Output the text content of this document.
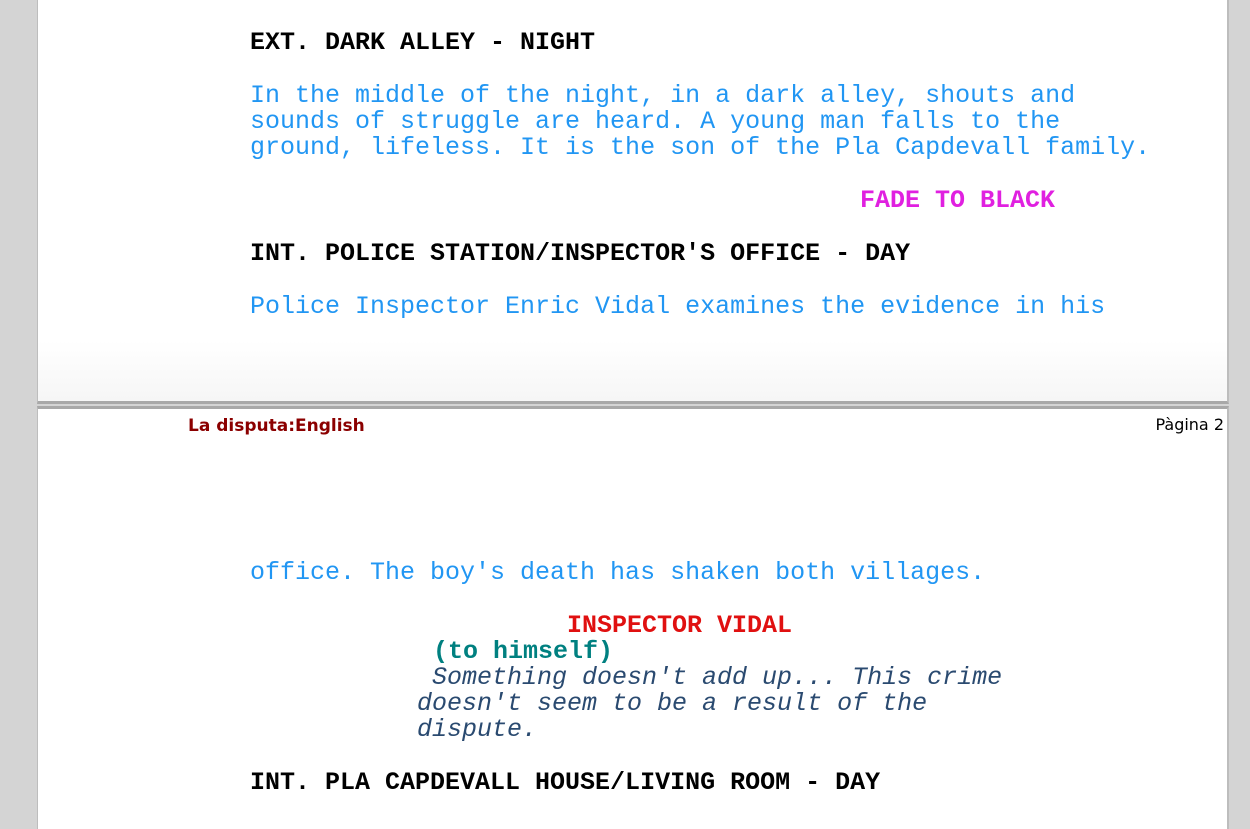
EXT. DARK ALLEY - NIGHT
In the middle of the night, in a dark alley, shouts and
sounds of struggle are heard. A young man falls to the
ground, lifeless. It is the son of the Pla Capdevall family.
FADE TO BLACK
INT. POLICE STATION/INSPECTOR'S OFFICE - DAY
Police Inspector Enric Vidal examines the evidence in his
La disputa:English	Pàgina 2
office. The boy's death has shaken both villages.
INSPECTOR VIDAL
(to himself)
Something doesn't add up... This crime
doesn't seem to be a result of the
dispute.
INT. PLA CAPDEVALL HOUSE/LIVING ROOM - DAY
